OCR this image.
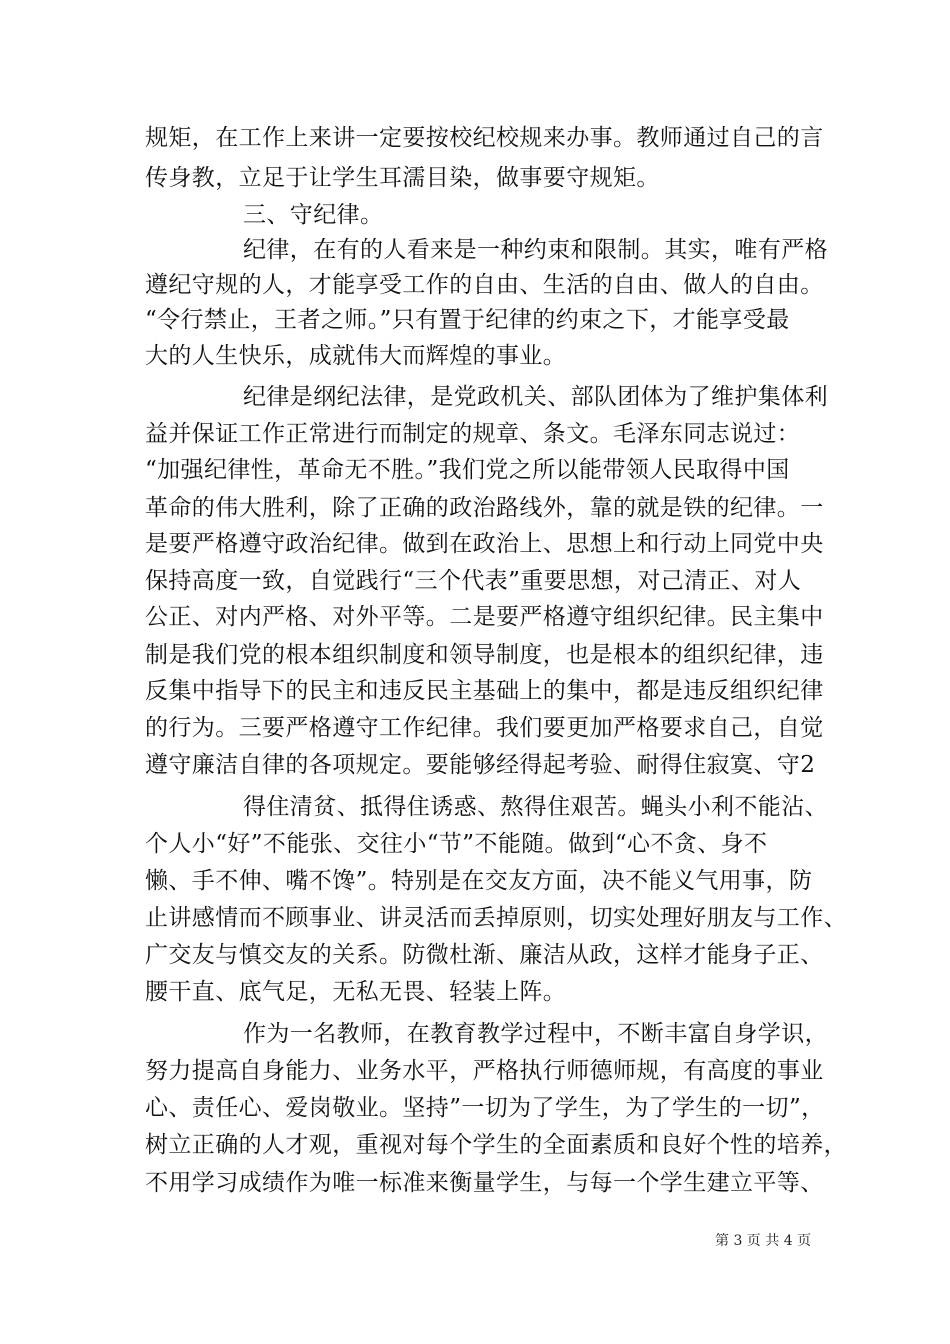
规矩，在工作上来讲一定要按校纪校规来办事。教师通过自己的言
传身教，立足于让学生耳濡目染，做事要守规矩。
三、守纪律。
纪律，在有的人看来是一种约束和限制。其实，唯有严格
遵纪守规的人，才能享受工作的自由、生活的自由、做人的自由。
“令行禁止，王者之师。”只有置于纪律的约束之下，才能享受最
大的人生快乐，成就伟大而辉煌的事业。
纪律是纲纪法律，是党政机关、部队团体为了维护集体利
益并保证工作正常进行而制定的规章、条文。毛泽东同志说过：
“加强纪律性，革命无不胜。”我们党之所以能带领人民取得中国
革命的伟大胜利，除了正确的政治路线外，靠的就是铁的纪律。一
是要严格遵守政治纪律。做到在政治上、思想上和行动上同党中央
保持高度一致，自觉践行“三个代表”重要思想，对己清正、对人
公正、对内严格、对外平等。二是要严格遵守组织纪律。民主集中
制是我们党的根本组织制度和领导制度，也是根本的组织纪律，违
反集中指导下的民主和违反民主基础上的集中，都是违反组织纪律
的行为。三要严格遵守工作纪律。我们要更加严格要求自己，自觉
遵守廉洁自律的各项规定。要能够经得起考验、耐得住寂寞、守2
得住清贫、抵得住诱惑、熬得住艰苦。蝇头小利不能沾、
个人小“好”不能张、交往小“节”不能随。做到“心不贪、身不
懒、手不伸、嘴不馋”。特别是在交友方面，决不能义气用事，防
止讲感情而不顾事业、讲灵活而丢掉原则，切实处理好朋友与工作、
广交友与慎交友的关系。防微杜渐、廉洁从政，这样才能身子正、
腰干直、底气足，无私无畏、轻装上阵。
作为一名教师，在教育教学过程中，不断丰富自身学识，
努力提高自身能力、业务水平，严格执行师德师规，有高度的事业
心、责任心、爱岗敬业。坚持”一切为了学生，为了学生的一切”，
树立正确的人才观，重视对每个学生的全面素质和良好个性的培养，
不用学习成绩作为唯一标准来衡量学生，与每一个学生建立平等、
第 3 页 共 4 页
